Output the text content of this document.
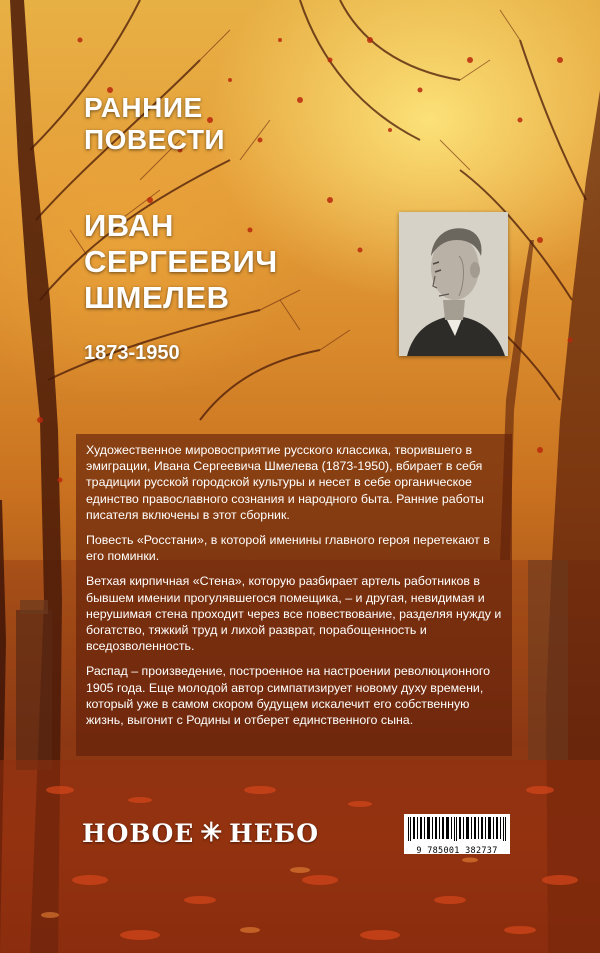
РАННИЕ
ПОВЕСТИ
ИВАН
СЕРГЕЕВИЧ
ШМЕЛЕВ
1873-1950

Художественное мировосприятие русского классика, творившего в эмиграции, Ивана Сергеевича Шмелева (1873-1950), вбирает в себя традиции русской городской культуры и несет в себе органическое единство православного сознания и народного быта. Ранние работы писателя включены в этот сборник.

Повесть «Росстани», в которой именины главного героя перетекают в его поминки.

Ветхая кирпичная «Стена», которую разбирает артель работников в бывшем имении прогулявшегося помещика, – и другая, невидимая и нерушимая стена проходит через все повествование, разделяя нужду и богатство, тяжкий труд и лихой разврат, порабощенность и вседозволенность.

Распад – произведение, построенное на настроении революционного 1905 года. Еще молодой автор симпатизирует новому духу времени, который уже в самом скором будущем искалечит его собственную жизнь, выгонит с Родины и отберет единственного сына.

НОВОЕ ✳ НЕБО
9 785001 382737
